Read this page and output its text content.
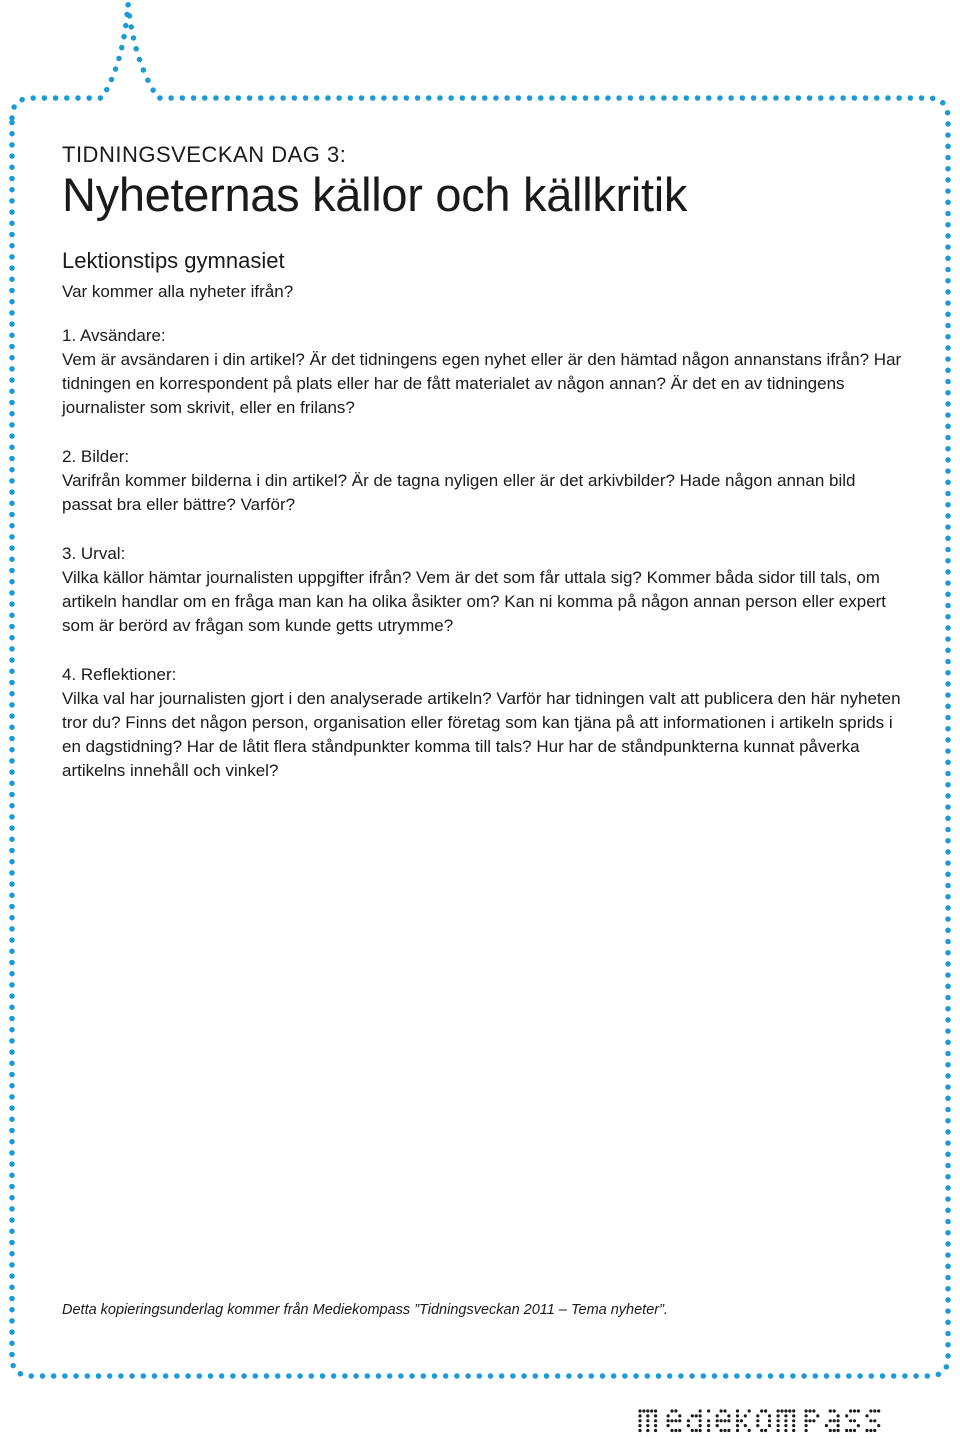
TIDNINGSVECKAN DAG 3:
Nyheternas källor och källkritik
Lektionstips gymnasiet
Var kommer alla nyheter ifrån?
1. Avsändare:
Vem är avsändaren i din artikel? Är det tidningens egen nyhet eller är den hämtad någon annanstans ifrån? Har tidningen en korrespondent på plats eller har de fått materialet av någon annan? Är det en av tidningens journalister som skrivit, eller en frilans?
2. Bilder:
Varifrån kommer bilderna i din artikel? Är de tagna nyligen eller är det arkivbilder? Hade någon annan bild passat bra eller bättre? Varför?
3. Urval:
Vilka källor hämtar journalisten uppgifter ifrån? Vem är det som får uttala sig? Kommer båda sidor till tals, om artikeln handlar om en fråga man kan ha olika åsikter om? Kan ni komma på någon annan person eller expert som är berörd av frågan som kunde getts utrymme?
4. Reflektioner:
Vilka val har journalisten gjort i den analyserade artikeln? Varför har tidningen valt att publicera den här nyheten tror du? Finns det någon person, organisation eller företag som kan tjäna på att informationen i artikeln sprids i en dagstidning? Har de låtit flera ståndpunkter komma till tals? Hur har de ståndpunkterna kunnat påverka artikelns innehåll och vinkel?
Detta kopieringsunderlag kommer från Mediekompass ”Tidningsveckan 2011 – Tema nyheter”.
